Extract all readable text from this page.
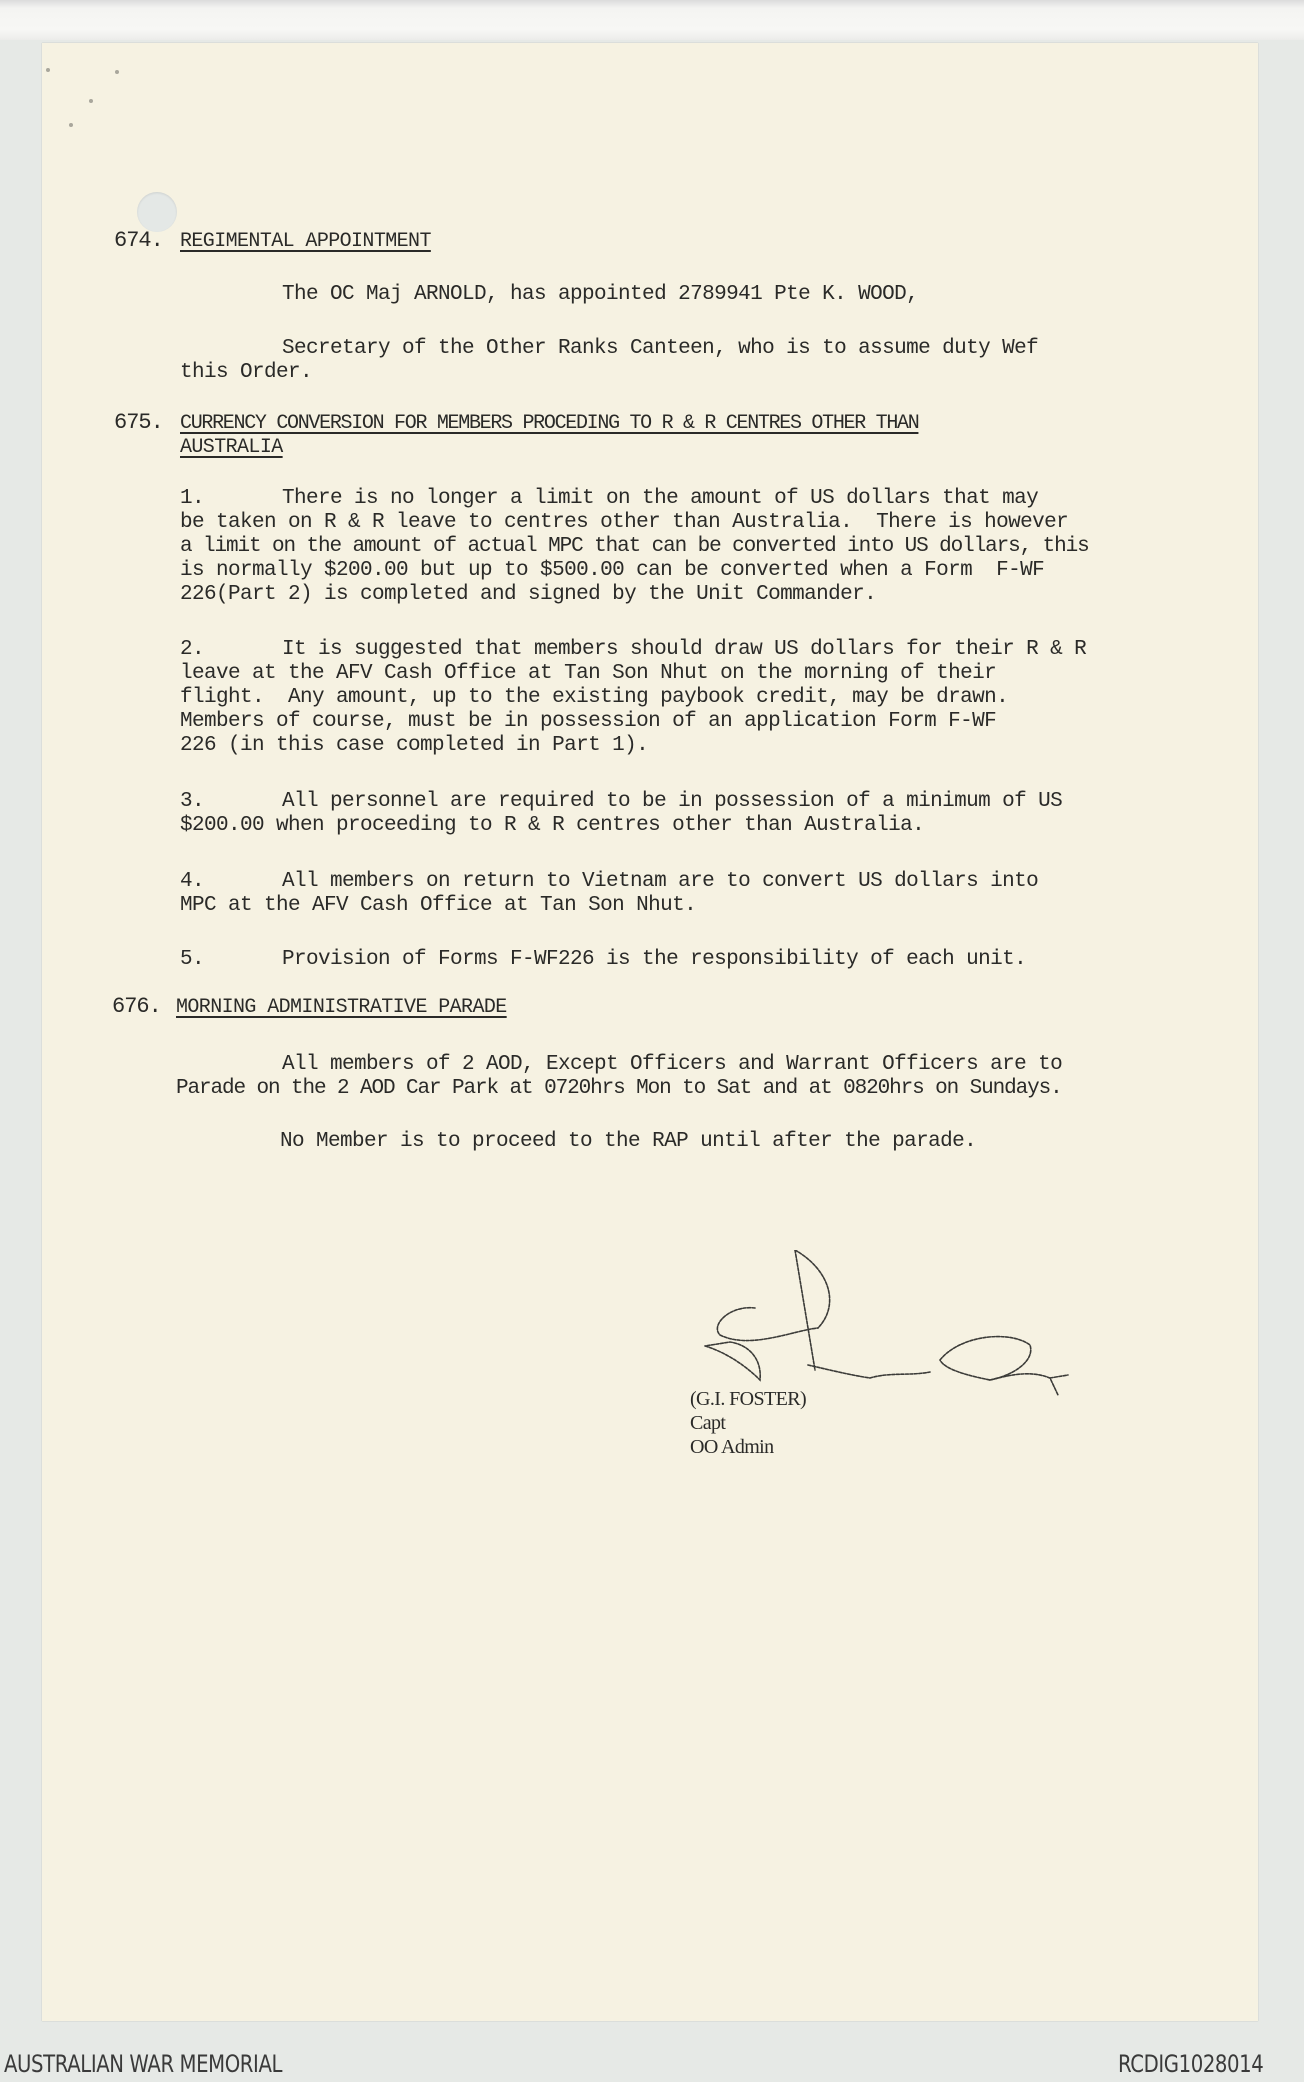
674. REGIMENTAL APPOINTMENT
The OC Maj ARNOLD, has appointed 2789941 Pte K. WOOD,
Secretary of the Other Ranks Canteen, who is to assume duty Wef
this Order.
675. CURRENCY CONVERSION FOR MEMBERS PROCEDING TO R & R CENTRES OTHER THAN
AUSTRALIA
1.	There is no longer a limit on the amount of US dollars that may
be taken on R & R leave to centres other than Australia.  There is however
a limit on the amount of actual MPC that can be converted into US dollars, this
is normally $200.00 but up to $500.00 can be converted when a Form  F-WF
226(Part 2) is completed and signed by the Unit Commander.
2.	It is suggested that members should draw US dollars for their R & R
leave at the AFV Cash Office at Tan Son Nhut on the morning of their
flight.  Any amount, up to the existing paybook credit, may be drawn.
Members of course, must be in possession of an application Form F-WF
226 (in this case completed in Part 1).
3.	All personnel are required to be in possession of a minimum of US
$200.00 when proceeding to R & R centres other than Australia.
4.	All members on return to Vietnam are to convert US dollars into
MPC at the AFV Cash Office at Tan Son Nhut.
5.	Provision of Forms F-WF226 is the responsibility of each unit.
676. MORNING ADMINISTRATIVE PARADE
All members of 2 AOD, Except Officers and Warrant Officers are to
Parade on the 2 AOD Car Park at 0720hrs Mon to Sat and at 0820hrs on Sundays.
No Member is to proceed to the RAP until after the parade.
(G.I. FOSTER)
Capt
OO Admin
AUSTRALIAN WAR MEMORIAL	RCDIG1028014
